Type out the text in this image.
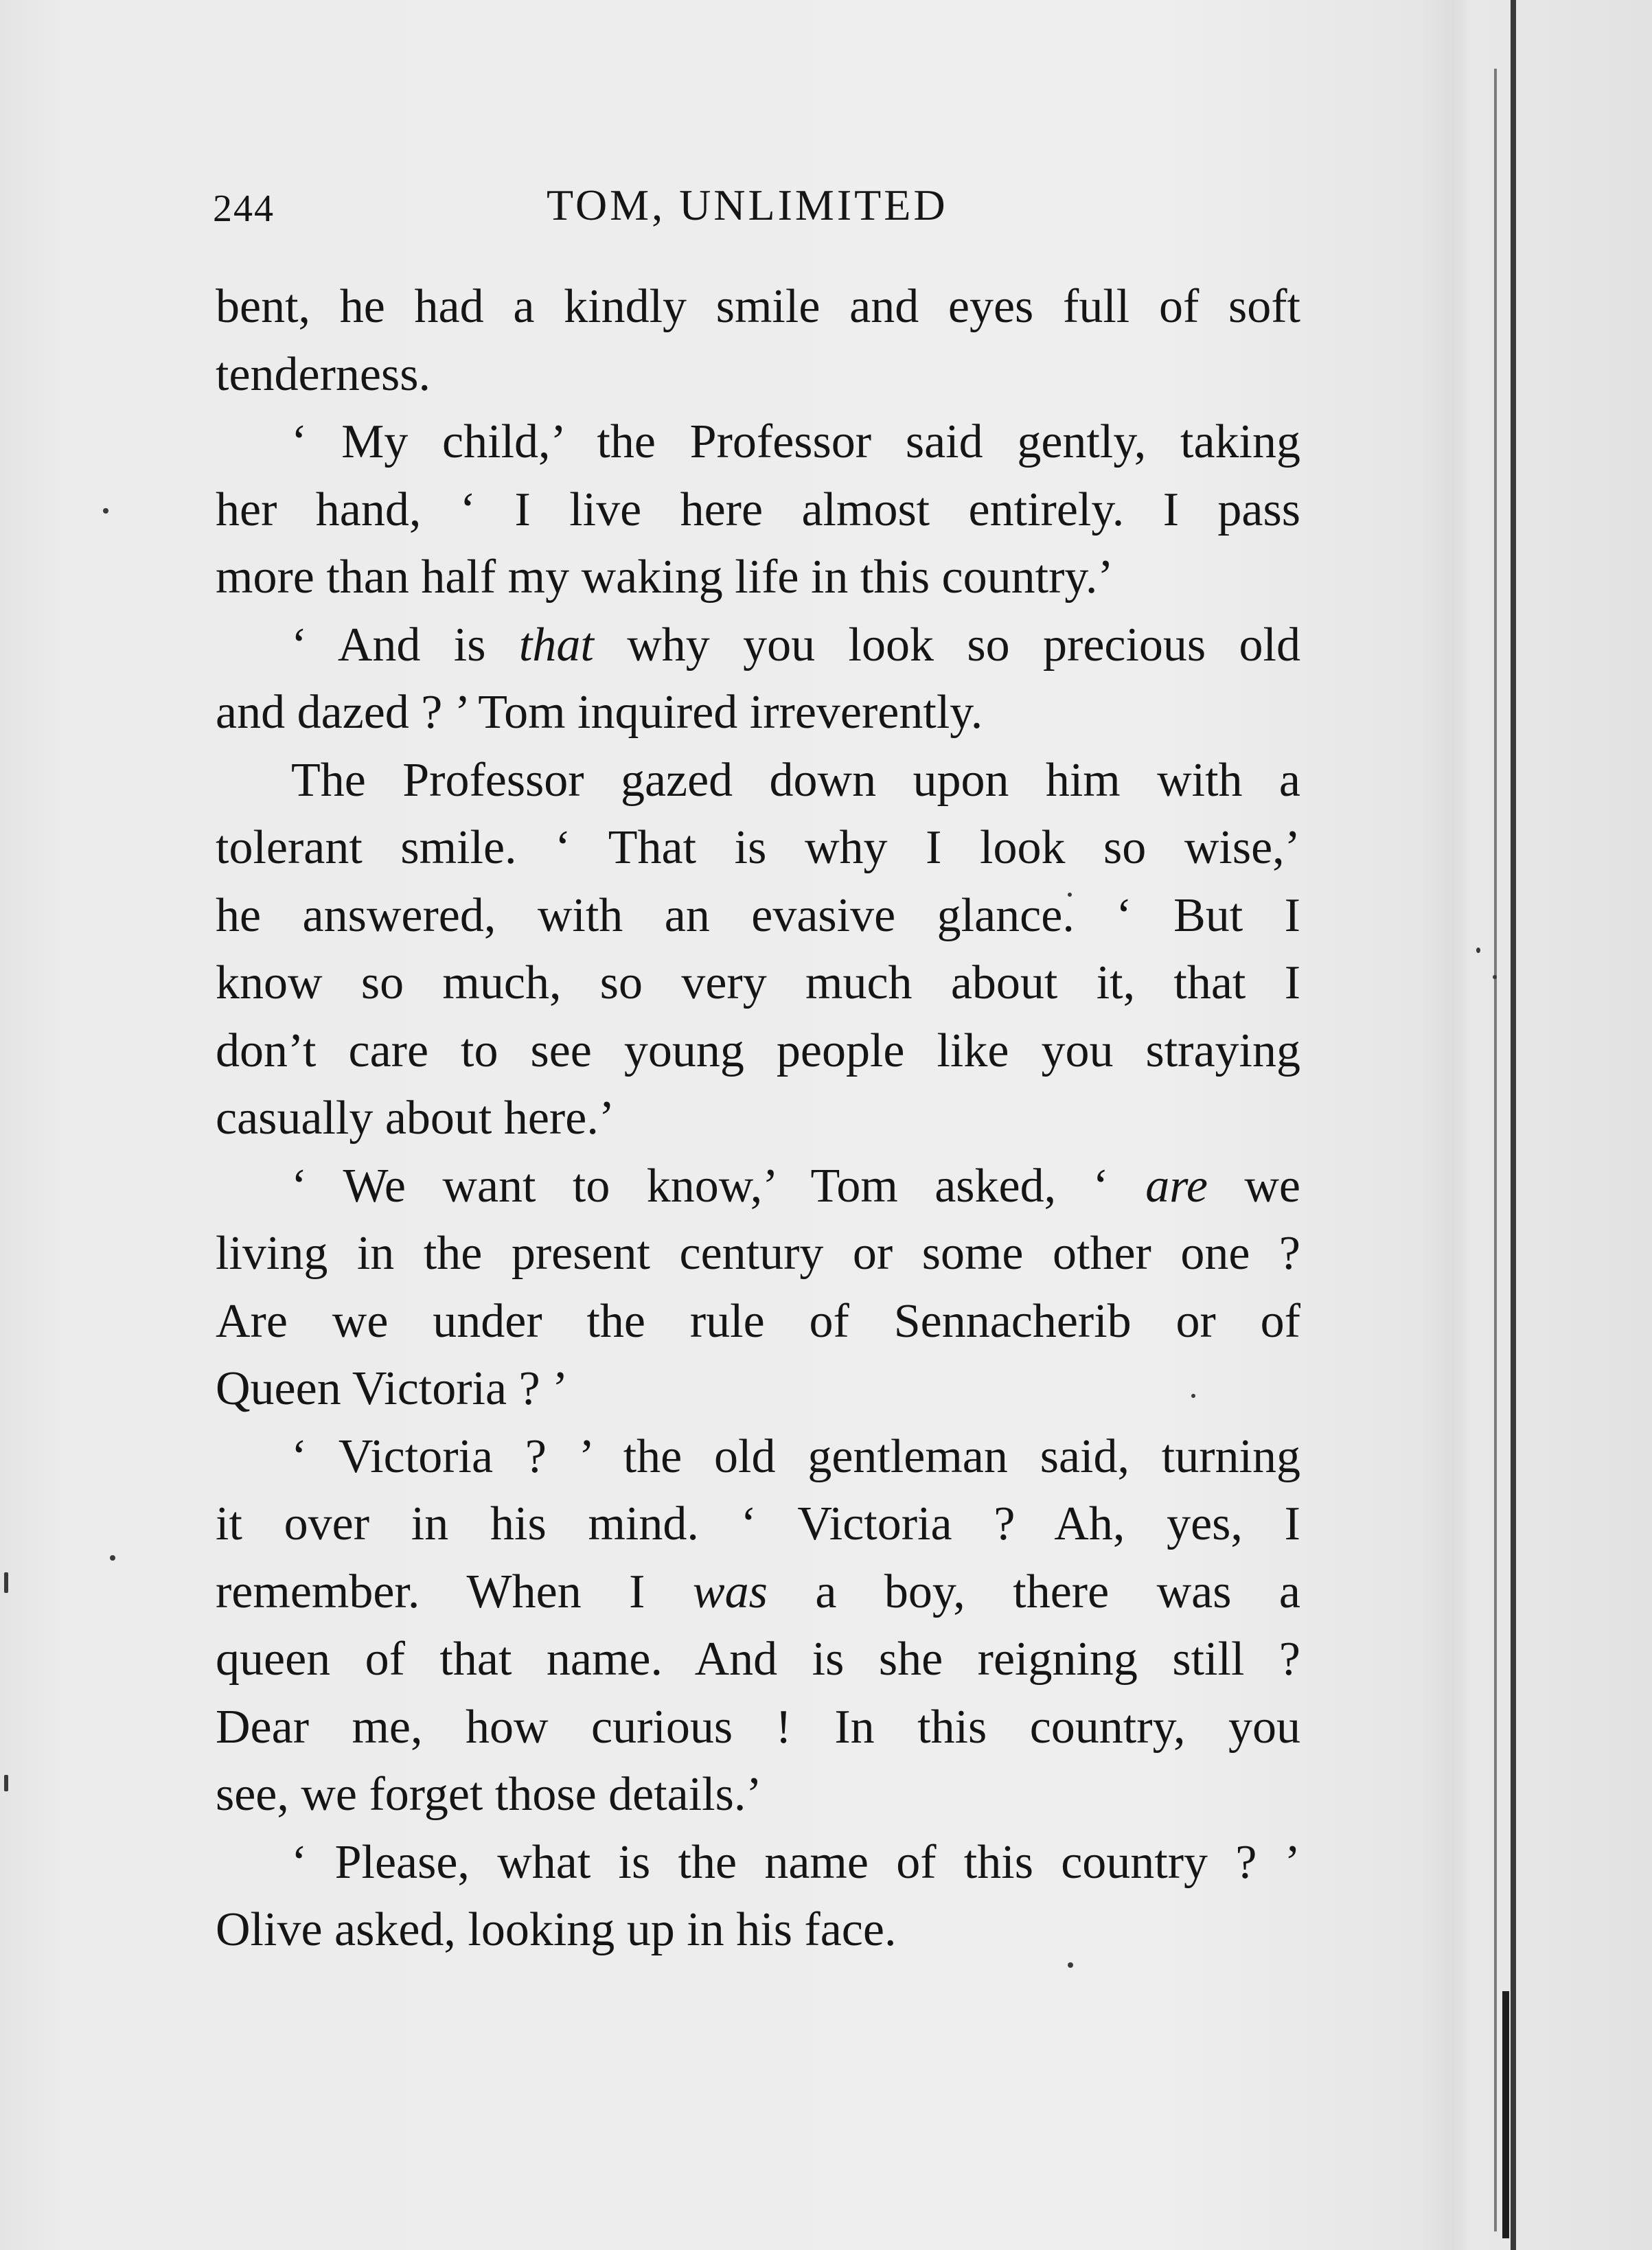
244	TOM, UNLIMITED
bent, he had a kindly smile and eyes full of soft
tenderness.
‘ My child,’ the Professor said gently, taking
her hand, ‘ I live here almost entirely. I pass
more than half my waking life in this country.’
‘ And is that why you look so precious old
and dazed ? ’ Tom inquired irreverently.
The Professor gazed down upon him with a
tolerant smile. ‘ That is why I look so wise,’
he answered, with an evasive glance. ‘ But I
know so much, so very much about it, that I
don’t care to see young people like you straying
casually about here.’
‘ We want to know,’ Tom asked, ‘ are we
living in the present century or some other one ?
Are we under the rule of Sennacherib or of
Queen Victoria ? ’
‘ Victoria ? ’ the old gentleman said, turning
it over in his mind. ‘ Victoria ? Ah, yes, I
remember. When I was a boy, there was a
queen of that name. And is she reigning still ?
Dear me, how curious ! In this country, you
see, we forget those details.’
‘ Please, what is the name of this country ? ’
Olive asked, looking up in his face.
